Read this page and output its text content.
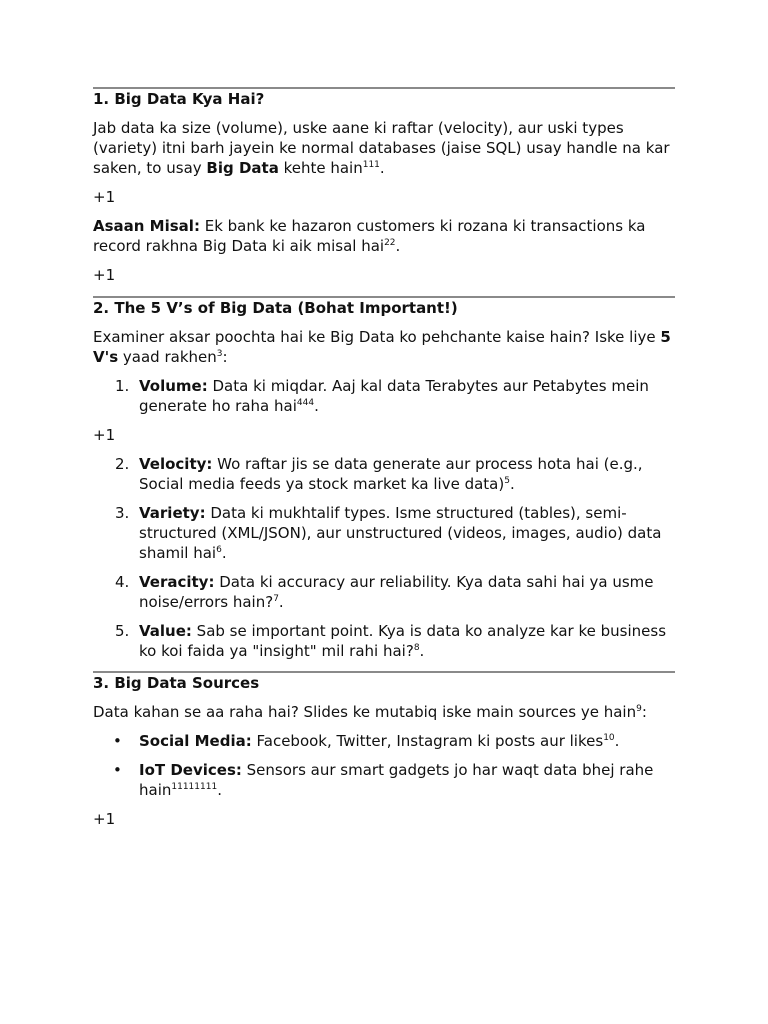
1. Big Data Kya Hai?

Jab data ka size (volume), uske aane ki raftar (velocity), aur uski types (variety) itni barh jayein ke normal databases (jaise SQL) usay handle na kar saken, to usay Big Data kehte hain$^{111}$.

+1

Asaan Misal: Ek bank ke hazaron customers ki rozana ki transactions ka record rakhna Big Data ki aik misal hai$^{22}$.

+1

2. The 5 V’s of Big Data (Bohat Important!)

Examiner aksar poochta hai ke Big Data ko pehchante kaise hain? Iske liye 5 V's yaad rakhen$^3$:

1. Volume: Data ki miqdar. Aaj kal data Terabytes aur Petabytes mein generate ho raha hai$^{444}$.

+1

2. Velocity: Wo raftar jis se data generate aur process hota hai (e.g., Social media feeds ya stock market ka live data)$^5$.
3. Variety: Data ki mukhtalif types. Isme structured (tables), semi-structured (XML/JSON), aur unstructured (videos, images, audio) data shamil hai$^6$.
4. Veracity: Data ki accuracy aur reliability. Kya data sahi hai ya usme noise/errors hain?$^7$.
5. Value: Sab se important point. Kya is data ko analyze kar ke business ko koi faida ya "insight" mil rahi hai?$^8$.
3. Big Data Sources

Data kahan se aa raha hai? Slides ke mutabiq iske main sources ye hain$^9$:

•	Social Media: Facebook, Twitter, Instagram ki posts aur likes$^{10}$.
•	IoT Devices: Sensors aur smart gadgets jo har waqt data bhej rahe hain$^{11111111}$.

+1
